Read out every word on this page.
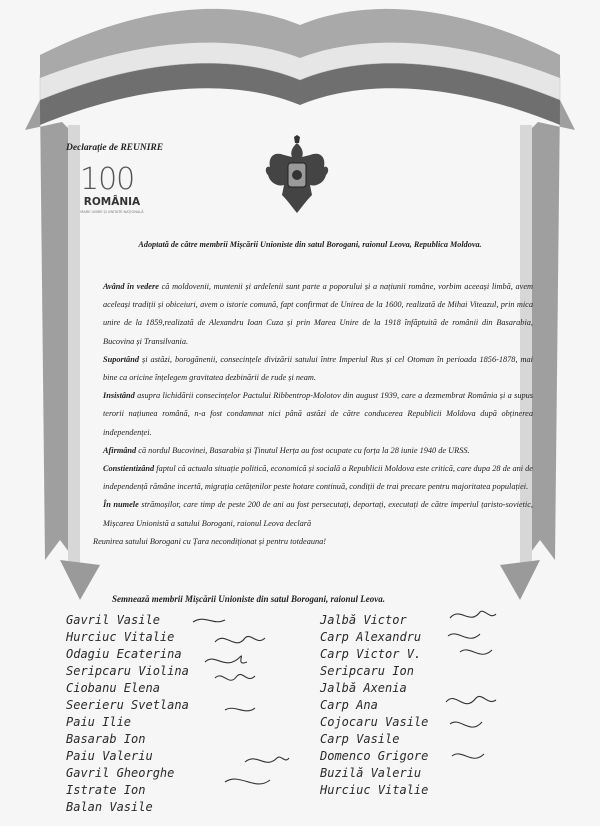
Declarație de REUNIRE
100
ROMÂNIA
MARE UNIRE ȘI UNITATE NAȚIONALĂ
Adoptată de către membrii Mișcării Unioniste din satul Borogani, raionul Leova, Republica Moldova.

Având în vedere că moldovenii, muntenii și ardelenii sunt parte a poporului și a națiunii române, vorbim aceeași limbă, avem aceleași tradiții și obiceiuri, avem o istorie comună, fapt confirmat de Unirea de la 1600, realizată de Mihai Viteazul, prin mica unire de la 1859,realizată de Alexandru Ioan Cuza și prin Marea Unire de la 1918 înfăptuită de românii din Basarabia, Bucovina și Transilvania.

Suportând și astăzi, borogănenii, consecințele divizării satului între Imperiul Rus și cel Otoman în perioada 1856-1878, mai bine ca oricine înțelegem gravitatea dezbinării de rude și neam.

Insistând asupra lichidării consecințelor Pactului Ribbentrop-Molotov din august 1939, care a dezmembrat România și a supus terorii națiunea română, n-a fost condamnat nici până astăzi de către conducerea Republicii Moldova după obținerea independenței.

Afirmând că nordul Bucovinei, Basarabia și Ținutul Herța au fost ocupate cu forța la 28 iunie 1940 de URSS.

Constientizând faptul că actuala situație politică, economică și socială a Republicii Moldova este critică, care dupa 28 de ani de independență rămâne incertă, migrația cetățenilor peste hotare continuă, condiții de trai precare pentru majoritatea populației.

În numele strămoșilor, care timp de peste 200 de ani au fost persecutați, deportați, executați de către imperiul țaristo-sovietic, Mișcarea Unionistă a satului Borogani, raionul Leova declară

Reunirea satului Borogani cu Țara necondiționat și pentru totdeauna!

Semnează membrii Mișcării Unioniste din satul Borogani, raionul Leova.
Gavril Vasile
Hurciuc Vitalie
Odagiu Ecaterina
Seripcaru Violina
Ciobanu Elena
Seerieru Svetlana
Paiu Ilie
Basarab Ion
Paiu Valeriu
Gavril Gheorghe
Istrate Ion
Balan Vasile
Jalbă Victor
Carp Alexandru
Carp Victor V.
Seripcaru Ion
Jalbă Axenia
Carp Ana
Cojocaru Vasile
Carp Vasile
Domenco Grigore
Buzilă Valeriu
Hurciuc Vitalie
